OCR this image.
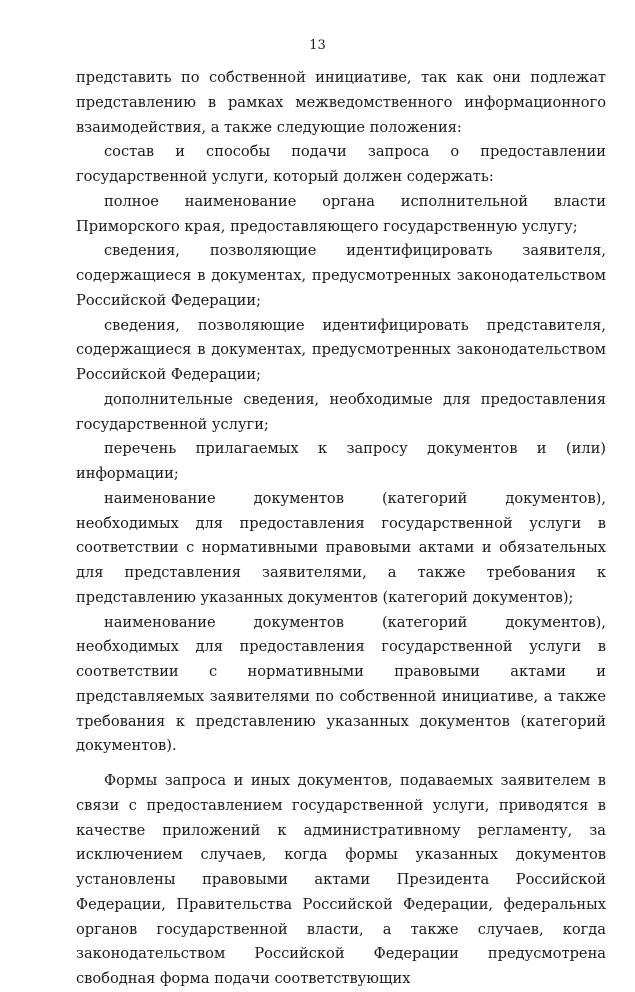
13

представить по собственной инициативе, так как они подлежат представлению в рамках межведомственного информационного взаимодействия, а также следующие положения:

состав и способы подачи запроса о предоставлении государственной услуги, который должен содержать:

полное наименование органа исполнительной власти Приморского края, предоставляющего государственную услугу;

сведения, позволяющие идентифицировать заявителя, содержащиеся в документах, предусмотренных законодательством Российской Федерации;

сведения, позволяющие идентифицировать представителя, содержащиеся в документах, предусмотренных законодательством Российской Федерации;

дополнительные сведения, необходимые для предоставления государственной услуги;

перечень прилагаемых к запросу документов и (или) информации;

наименование документов (категорий документов), необходимых для предоставления государственной услуги в соответствии с нормативными правовыми актами и обязательных для представления заявителями, а также требования к представлению указанных документов (категорий документов);

наименование документов (категорий документов), необходимых для предоставления государственной услуги в соответствии с нормативными правовыми актами и представляемых заявителями по собственной инициативе, а также требования к представлению указанных документов (категорий документов).

Формы запроса и иных документов, подаваемых заявителем в связи с предоставлением государственной услуги, приводятся в качестве приложений к административному регламенту, за исключением случаев, когда формы указанных документов установлены правовыми актами Президента Российской Федерации, Правительства Российской Федерации, федеральных органов государственной власти, а также случаев, когда законодательством Российской Федерации предусмотрена свободная форма подачи соответствующих
